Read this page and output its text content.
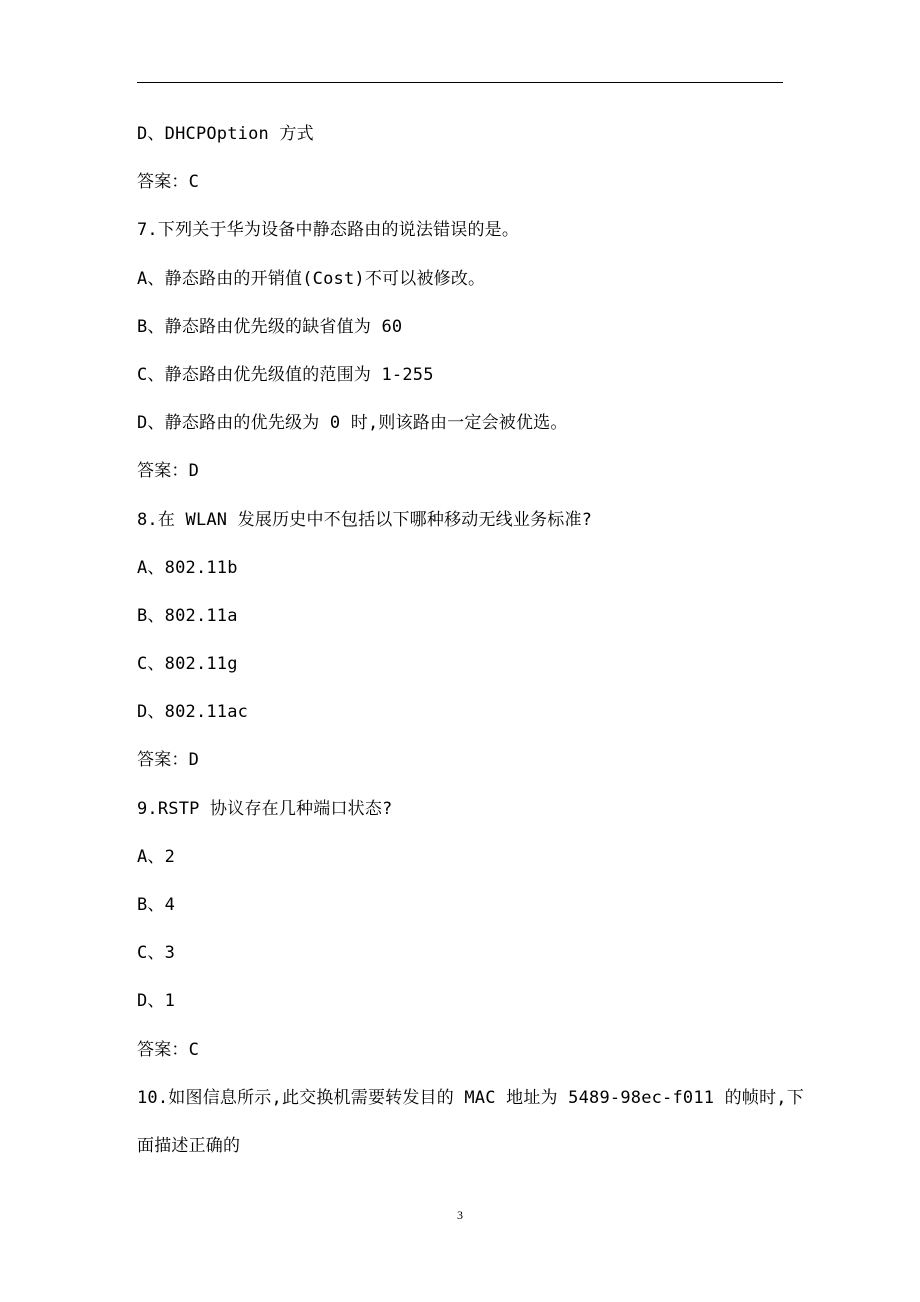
D、DHCPOption 方式
答案：C
7.下列关于华为设备中静态路由的说法错误的是。
A、静态路由的开销值(Cost)不可以被修改。
B、静态路由优先级的缺省值为 60
C、静态路由优先级值的范围为 1-255
D、静态路由的优先级为 0 时,则该路由一定会被优选。
答案：D
8.在 WLAN 发展历史中不包括以下哪种移动无线业务标准?
A、802.11b
B、802.11a
C、802.11g
D、802.11ac
答案：D
9.RSTP 协议存在几种端口状态?
A、2
B、4
C、3
D、1
答案：C
10.如图信息所示,此交换机需要转发目的 MAC 地址为 5489-98ec-f011 的帧时,下
面描述正确的
3
